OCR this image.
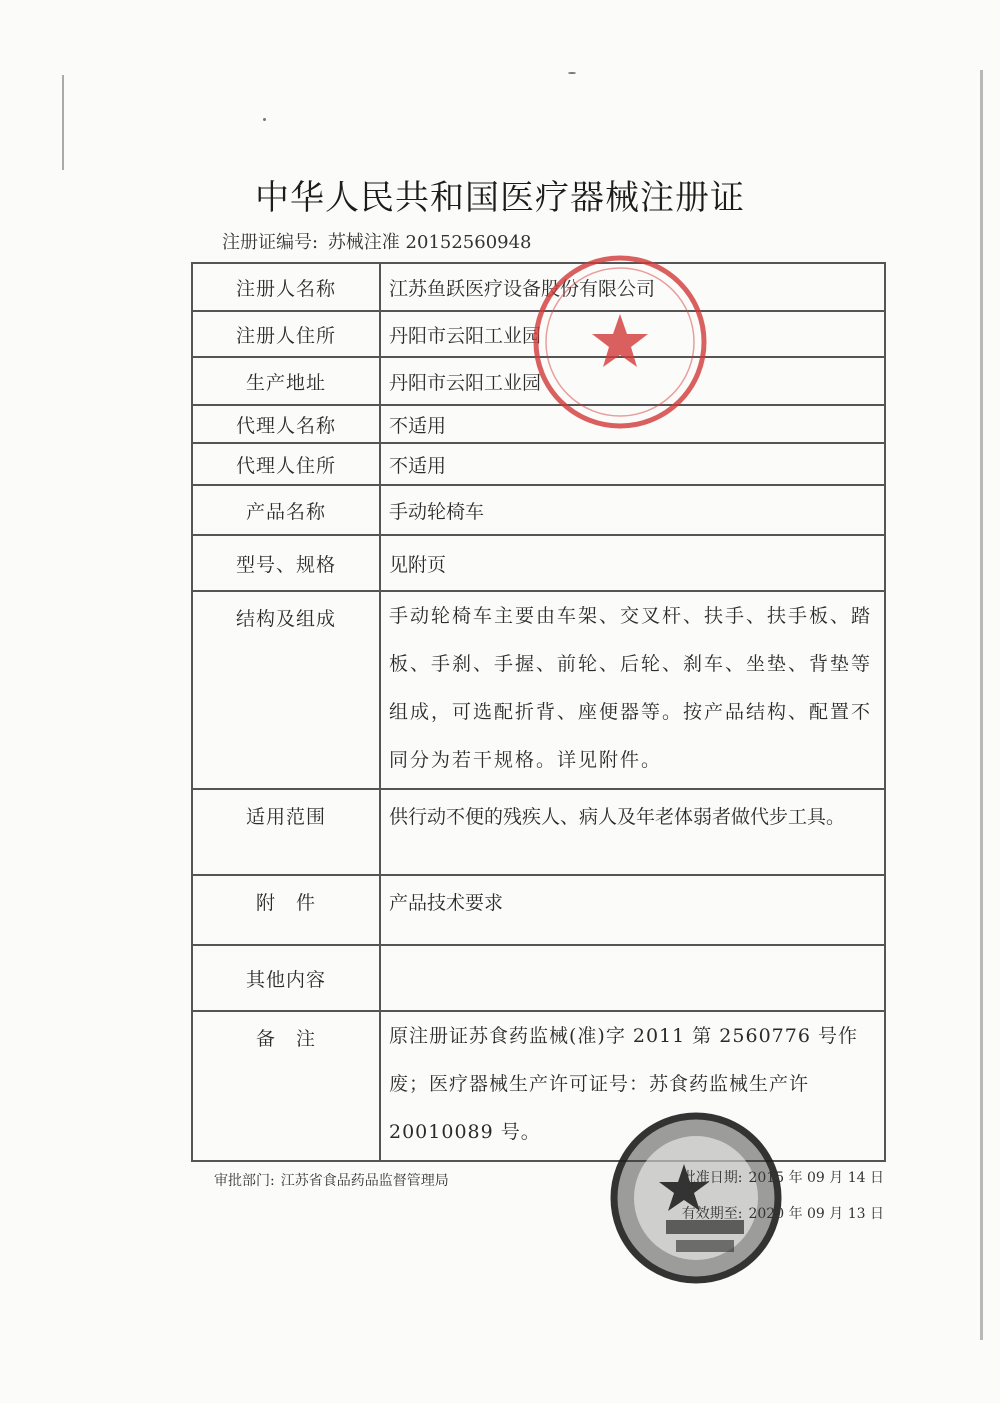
中华人民共和国医疗器械注册证
注册证编号: 苏械注准 20152560948
注册人名称	江苏鱼跃医疗设备股份有限公司
注册人住所	丹阳市云阳工业园
生产地址	丹阳市云阳工业园
代理人名称	不适用
代理人住所	不适用
产品名称	手动轮椅车
型号、规格	见附页
结构及组成	手动轮椅车主要由车架、交叉杆、扶手、扶手板、踏板、手刹、手握、前轮、后轮、刹车、坐垫、背垫等组成，可选配折背、座便器等。按产品结构、配置不同分为若干规格。详见附件。
适用范围	供行动不便的残疾人、病人及年老体弱者做代步工具。
附　件	产品技术要求
其他内容	
备　注	原注册证苏食药监械(准)字 2011 第 2560776 号作废；医疗器械生产许可证号：苏食药监械生产许 20010089 号。
审批部门: 江苏省食品药品监督管理局	批准日期: 2015 年 09 月 14 日
有效期至: 2020 年 09 月 13 日
